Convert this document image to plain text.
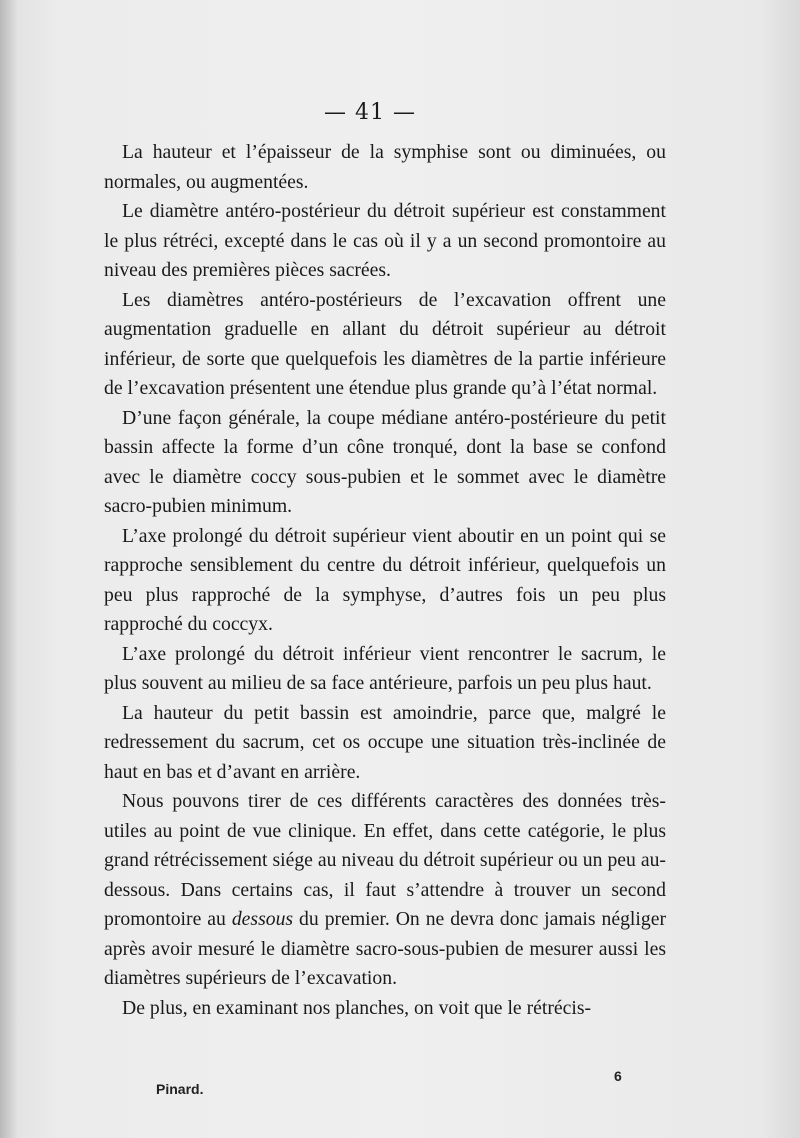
— 41 —

La hauteur et l’épaisseur de la symphise sont ou diminuées, ou normales, ou augmentées.

Le diamètre antéro-postérieur du détroit supérieur est constamment le plus rétréci, excepté dans le cas où il y a un second promontoire au niveau des premières pièces sacrées.

Les diamètres antéro-postérieurs de l’excavation offrent une augmentation graduelle en allant du détroit supérieur au détroit inférieur, de sorte que quelquefois les diamètres de la partie inférieure de l’excavation présentent une étendue plus grande qu’à l’état normal.

D’une façon générale, la coupe médiane antéro-postérieure du petit bassin affecte la forme d’un cône tronqué, dont la base se confond avec le diamètre coccy sous-pubien et le sommet avec le diamètre sacro-pubien minimum.

L’axe prolongé du détroit supérieur vient aboutir en un point qui se rapproche sensiblement du centre du détroit inférieur, quelquefois un peu plus rapproché de la symphyse, d’autres fois un peu plus rapproché du coccyx.

L’axe prolongé du détroit inférieur vient rencontrer le sacrum, le plus souvent au milieu de sa face antérieure, parfois un peu plus haut.

La hauteur du petit bassin est amoindrie, parce que, malgré le redressement du sacrum, cet os occupe une situation très-inclinée de haut en bas et d’avant en arrière.

Nous pouvons tirer de ces différents caractères des données très-utiles au point de vue clinique. En effet, dans cette catégorie, le plus grand rétrécissement siége au niveau du détroit supérieur ou un peu au-dessous. Dans certains cas, il faut s’attendre à trouver un second promontoire au dessous du premier. On ne devra donc jamais négliger après avoir mesuré le diamètre sacro-sous-pubien de mesurer aussi les diamètres supérieurs de l’excavation.

De plus, en examinant nos planches, on voit que le rétrécis-

Pinard.
6
